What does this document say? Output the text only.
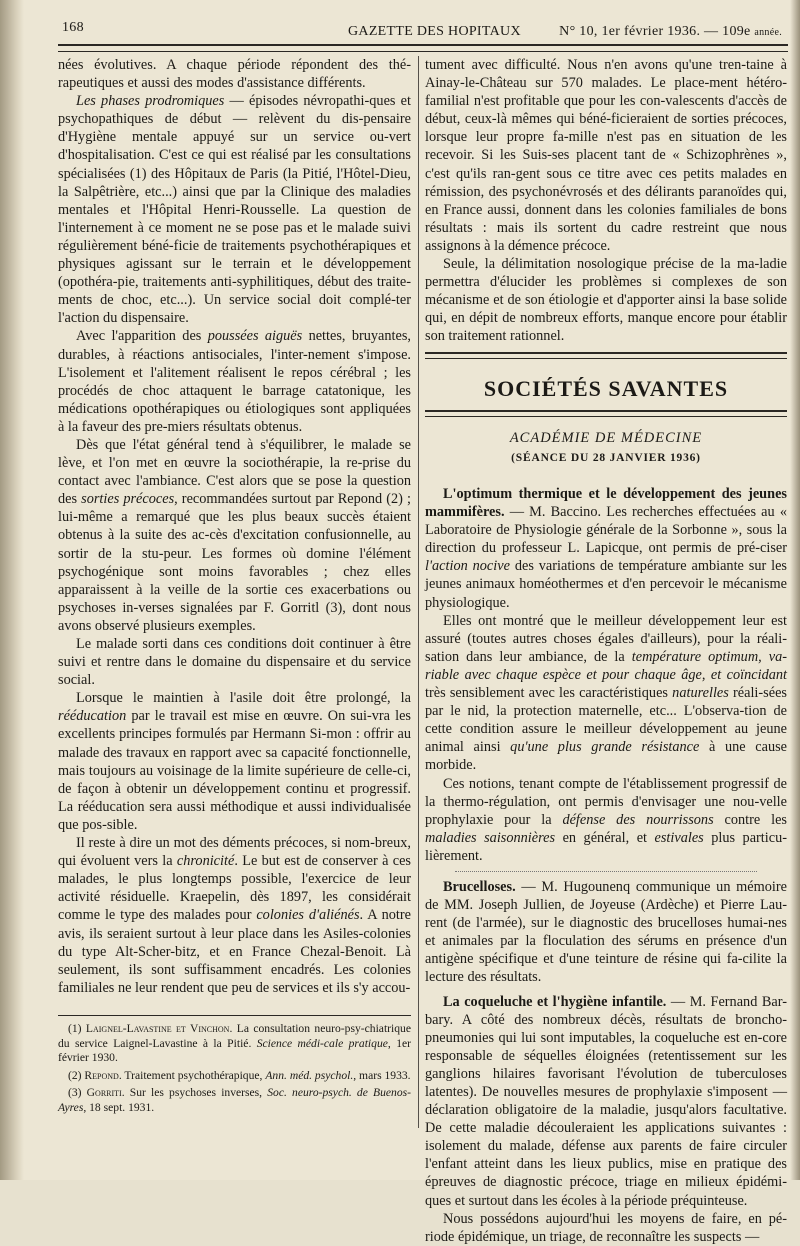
168	GAZETTE DES HOPITAUX	N° 10, 1er février 1936. — 109e année.

nées évolutives. A chaque période répondent des thé-rapeutiques et aussi des modes d'assistance différents.

Les phases prodromiques — épisodes névropathi-ques et psychopathiques de début — relèvent du dis-pensaire d'Hygiène mentale appuyé sur un service ou-vert d'hospitalisation. C'est ce qui est réalisé par les consultations spécialisées (1) des Hôpitaux de Paris (la Pitié, l'Hôtel-Dieu, la Salpêtrière, etc...) ainsi que par la Clinique des maladies mentales et l'Hôpital Henri-Rousselle. La question de l'internement à ce moment ne se pose pas et le malade suivi régulièrement béné-ficie de traitements psychothérapiques et physiques agissant sur le terrain et le développement (opothéra-pie, traitements anti-syphilitiques, début des traite-ments de choc, etc...). Un service social doit complé-ter l'action du dispensaire.

Avec l'apparition des poussées aiguës nettes, bruyantes, durables, à réactions antisociales, l'inter-nement s'impose. L'isolement et l'alitement réalisent le repos cérébral ; les procédés de choc attaquent le barrage catatonique, les médications opothérapiques ou étiologiques sont appliquées à la faveur des pre-miers résultats obtenus.

Dès que l'état général tend à s'équilibrer, le malade se lève, et l'on met en œuvre la sociothérapie, la re-prise du contact avec l'ambiance. C'est alors que se pose la question des sorties précoces, recommandées surtout par Repond (2) ; lui-même a remarqué que les plus beaux succès étaient obtenus à la suite des ac-cès d'excitation confusionnelle, au sortir de la stu-peur. Les formes où domine l'élément psychogénique sont moins favorables ; chez elles apparaissent à la veille de la sortie ces exacerbations ou psychoses in-verses signalées par F. Gorritl (3), dont nous avons observé plusieurs exemples.

Le malade sorti dans ces conditions doit continuer à être suivi et rentre dans le domaine du dispensaire et du service social.

Lorsque le maintien à l'asile doit être prolongé, la rééducation par le travail est mise en œuvre. On sui-vra les excellents principes formulés par Hermann Si-mon : offrir au malade des travaux en rapport avec sa capacité fonctionnelle, mais toujours au voisinage de la limite supérieure de celle-ci, de façon à obtenir un développement continu et progressif. La rééducation sera aussi méthodique et aussi individualisée que pos-sible.

Il reste à dire un mot des déments précoces, si nom-breux, qui évoluent vers la chronicité. Le but est de conserver à ces malades, le plus longtemps possible, l'exercice de leur activité résiduelle. Kraepelin, dès 1897, les considérait comme le type des malades pour colonies d'aliénés. A notre avis, ils seraient surtout à leur place dans les Asiles-colonies du type Alt-Scher-bitz, et en France Chezal-Benoit. Là seulement, ils sont suffisamment encadrés. Les colonies familiales ne leur rendent que peu de services et ils s'y accou-

(1) Laignel-Lavastine et Vinchon. La consultation neuro-psy-chiatrique du service Laignel-Lavastine à la Pitié. Science médi-cale pratique, 1er février 1930.

(2) Repond. Traitement psychothérapique, Ann. méd. psychol., mars 1933.

(3) Gorriti. Sur les psychoses inverses, Soc. neuro-psych. de Buenos-Ayres, 18 sept. 1931.

tument avec difficulté. Nous n'en avons qu'une tren-taine à Ainay-le-Château sur 570 malades. Le place-ment hétéro-familial n'est profitable que pour les con-valescents d'accès de début, ceux-là mêmes qui béné-ficieraient de sorties précoces, lorsque leur propre fa-mille n'est pas en situation de les recevoir. Si les Suis-ses placent tant de « Schizophrènes », c'est qu'ils ran-gent sous ce titre avec ces petits malades en rémission, des psychonévrosés et des délirants paranoïdes qui, en France aussi, donnent dans les colonies familiales de bons résultats : mais ils sortent du cadre restreint que nous assignons à la démence précoce.

Seule, la délimitation nosologique précise de la ma-ladie permettra d'élucider les problèmes si complexes de son mécanisme et de son étiologie et d'apporter ainsi la base solide qui, en dépit de nombreux efforts, manque encore pour établir son traitement rationnel.

SOCIÉTÉS SAVANTES
ACADÉMIE DE MÉDECINE
(SÉANCE DU 28 JANVIER 1936)

L'optimum thermique et le développement des jeunes mammifères. — M. Baccino. Les recherches effectuées au « Laboratoire de Physiologie générale de la Sorbonne », sous la direction du professeur L. Lapicque, ont permis de pré-ciser l'action nocive des variations de température ambiante sur les jeunes animaux homéothermes et d'en percevoir le mécanisme physiologique.

Elles ont montré que le meilleur développement leur est assuré (toutes autres choses égales d'ailleurs), pour la réali-sation dans leur ambiance, de la température optimum, va-riable avec chaque espèce et pour chaque âge, et coïncidant très sensiblement avec les caractéristiques naturelles réali-sées par le nid, la protection maternelle, etc... L'observa-tion de cette condition assure le meilleur développement au jeune animal ainsi qu'une plus grande résistance à une cause morbide.

Ces notions, tenant compte de l'établissement progressif de la thermo-régulation, ont permis d'envisager une nou-velle prophylaxie pour la défense des nourrissons contre les maladies saisonnières en général, et estivales plus particu-lièrement.

Brucelloses. — M. Hugounenq communique un mémoire de MM. Joseph Jullien, de Joyeuse (Ardèche) et Pierre Lau-rent (de l'armée), sur le diagnostic des brucelloses humai-nes et animales par la floculation des sérums en présence d'un antigène spécifique et d'une teinture de résine qui fa-cilite la lecture des résultats.

La coqueluche et l'hygiène infantile. — M. Fernand Bar-bary. A côté des nombreux décès, résultats de broncho-pneumonies qui lui sont imputables, la coqueluche est en-core responsable de séquelles éloignées (retentissement sur les ganglions hilaires favorisant l'évolution de tuberculoses latentes). De nouvelles mesures de prophylaxie s'imposent — déclaration obligatoire de la maladie, jusqu'alors facultative. De cette maladie découleraient les applications suivantes : isolement du malade, défense aux parents de faire circuler l'enfant atteint dans les lieux publics, mise en pratique des épreuves de diagnostic précoce, triage en milieux épidémi-ques et surtout dans les écoles à la période préquinteuse.

Nous possédons aujourd'hui les moyens de faire, en pé-riode épidémique, un triage, de reconnaître les suspects —
